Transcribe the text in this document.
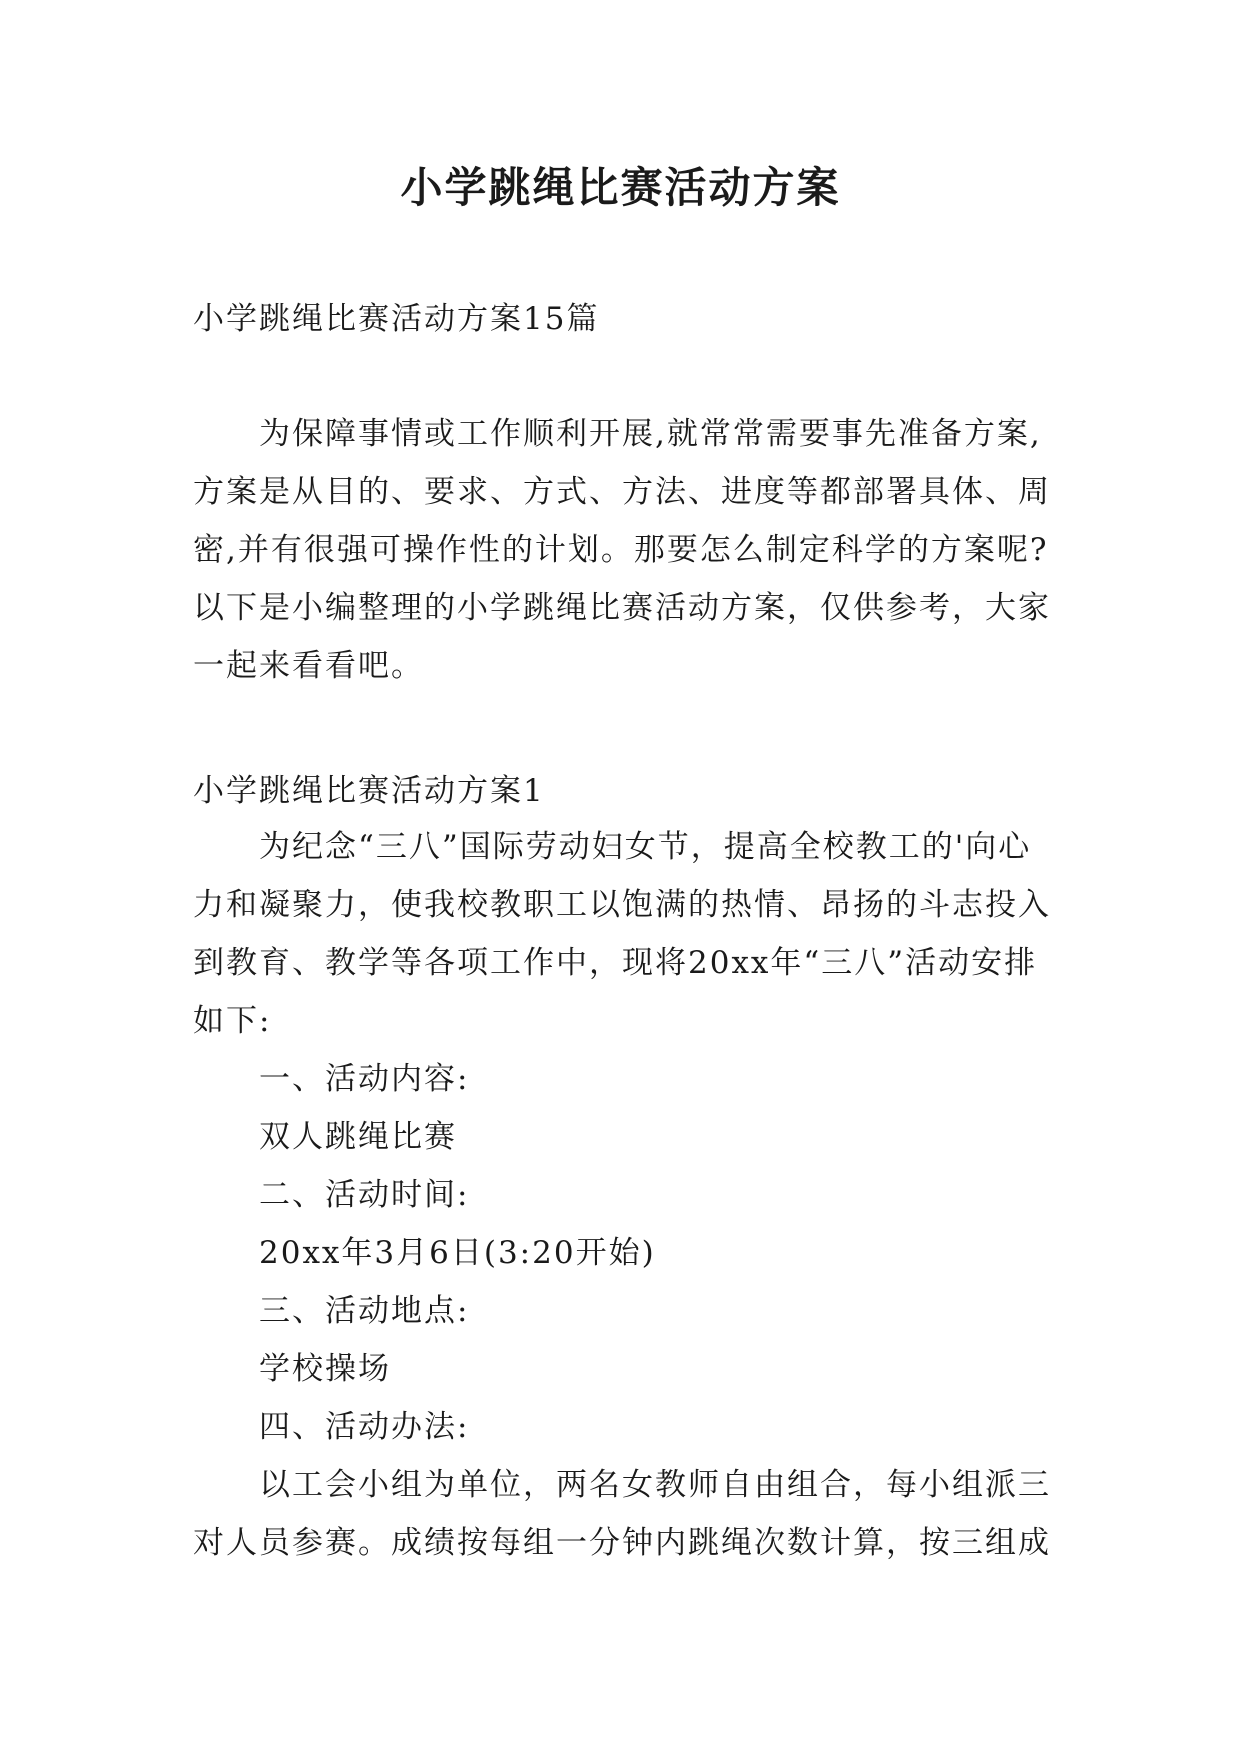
小学跳绳比赛活动方案
小学跳绳比赛活动方案15篇

为保障事情或工作顺利开展,就常常需要事先准备方案,方案是从目的、要求、方式、方法、进度等都部署具体、周密,并有很强可操作性的计划。那要怎么制定科学的方案呢?以下是小编整理的小学跳绳比赛活动方案，仅供参考，大家一起来看看吧。

小学跳绳比赛活动方案1

为纪念“三八”国际劳动妇女节，提高全校教工的'向心力和凝聚力，使我校教职工以饱满的热情、昂扬的斗志投入到教育、教学等各项工作中，现将20xx年“三八”活动安排如下:

一、活动内容:

双人跳绳比赛

二、活动时间:

20xx年3月6日(3:20开始)

三、活动地点:

学校操场

四、活动办法:

以工会小组为单位，两名女教师自由组合，每小组派三对人员参赛。成绩按每组一分钟内跳绳次数计算，按三组成
